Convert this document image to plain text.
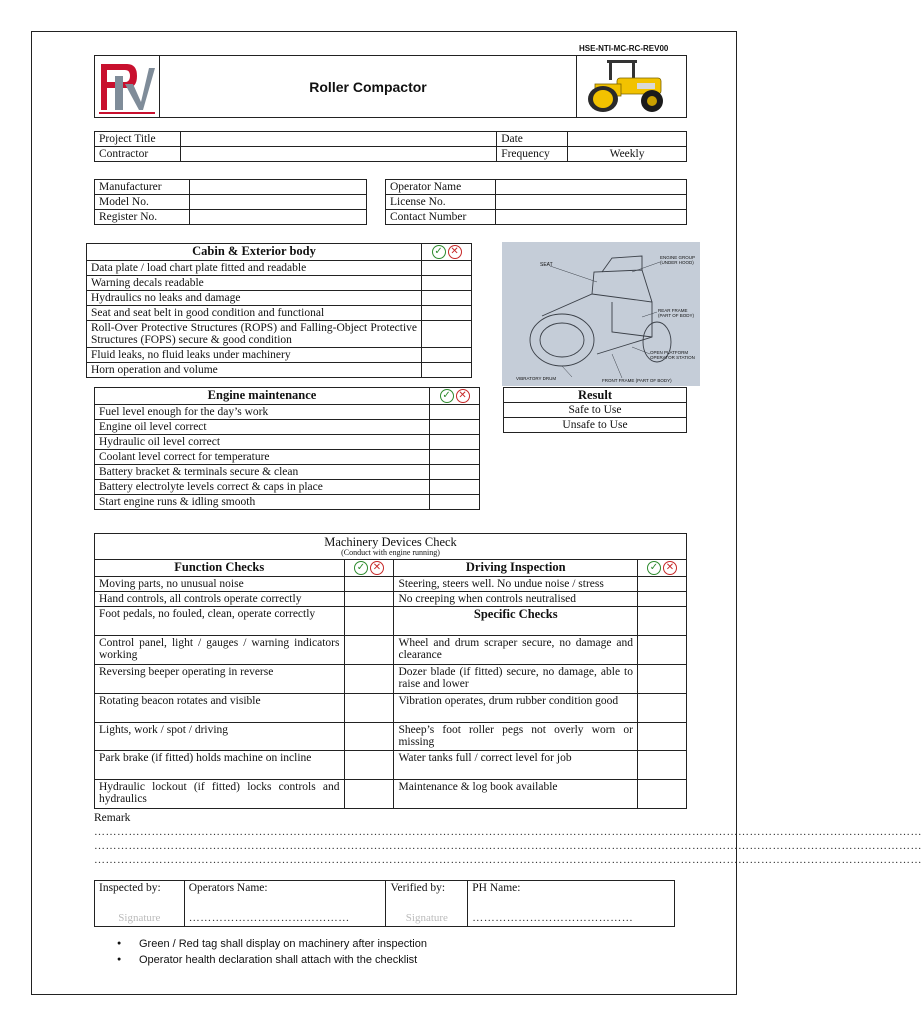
HSE-NTI-MC-RC-REV00
Roller Compactor
Project Title		Date	
Contractor		Frequency	Weekly
Manufacturer	
Model No.	
Register No.	
Operator Name	
License No.	
Contact Number	
Cabin & Exterior body	✓ ✕

Data plate / load chart plate fitted and readable	
Warning decals readable	
Hydraulics no leaks and damage	
Seat and seat belt in good condition and functional	
Roll-Over Protective Structures (ROPS) and Falling-Object Protective Structures (FOPS) secure & good condition	
Fluid leaks, no fluid leaks under machinery	
Horn operation and volume	
SEAT
ENGINE GROUP (UNDER HOOD)
REAR FRAME (PART OF BODY)
OPEN PLATFORM OPERATOR STATION
VIBRATORY DRUM	FRONT FRAME (PART OF BODY)
Engine maintenance	✓ ✕

Fuel level enough for the day’s work	
Engine oil level correct	
Hydraulic oil level correct	
Coolant level correct for temperature	
Battery bracket & terminals secure & clean	
Battery electrolyte levels correct & caps in place	
Start engine runs & idling smooth	
Result
Safe to Use
Unsafe to Use
Machinery Devices Check
(Conduct with engine running)			

Function Checks	✓ ✕	Driving Inspection	✓ ✕

Moving parts, no unusual noise		Steering, steers well. No undue noise / stress	
Hand controls, all controls operate correctly		No creeping when controls neutralised	
Foot pedals, no fouled, clean, operate correctly		Specific Checks	
Control panel, light / gauges / warning indicators working		Wheel and drum scraper secure, no damage and clearance	
Reversing beeper operating in reverse		Dozer blade (if fitted) secure, no damage, able to raise and lower	
Rotating beacon rotates and visible		Vibration operates, drum rubber condition good	
Lights, work / spot / driving		Sheep’s foot roller pegs not overly worn or missing	
Park brake (if fitted) holds machine on incline		Water tanks full / correct level for job	
Hydraulic lockout (if fitted) locks controls and hydraulics		Maintenance & log book available	
Remark
………………………………………………………………………………………………………………………………………………………………………………………………
………………………………………………………………………………………………………………………………………………………………………………………………
………………………………………………………………………………………………………………………………………………………………………………………………
Inspected by:
Signature

Operators Name:
……………………………………

Verified by:
Signature

PH Name:
……………………………………
● Green / Red tag shall display on machinery after inspection
● Operator health declaration shall attach with the checklist
